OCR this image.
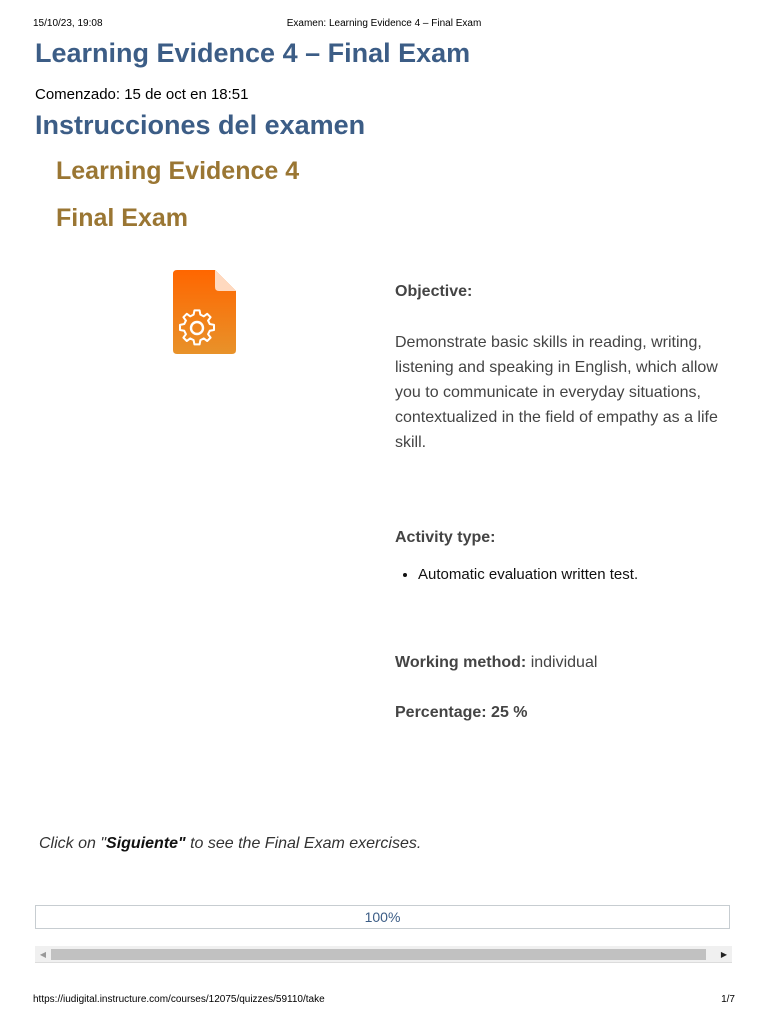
15/10/23, 19:08	Examen: Learning Evidence 4 – Final Exam
Learning Evidence 4 – Final Exam
Comenzado: 15 de oct en 18:51
Instrucciones del examen
Learning Evidence 4
Final Exam
Objective:
Demonstrate basic skills in reading, writing, listening and speaking in English, which allow you to communicate in everyday situations, contextualized in the field of empathy as a life skill.
Activity type:
• Automatic evaluation written test.
Working method: individual
Percentage: 25 %
Click on "Siguiente" to see the Final Exam exercises.
100%
◀	▶
https://iudigital.instructure.com/courses/12075/quizzes/59110/take	1/7
